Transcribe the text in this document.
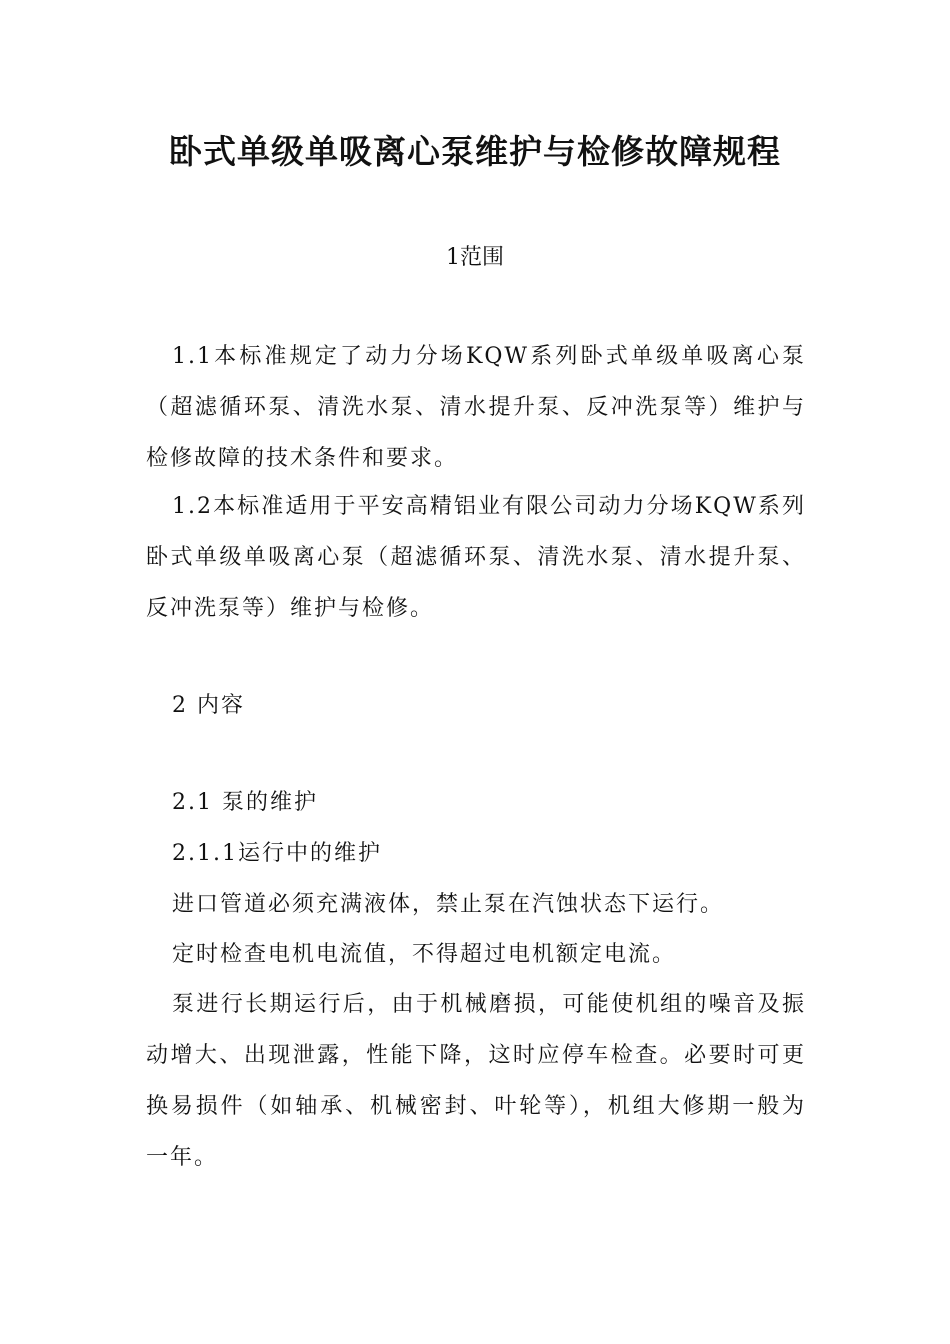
卧式单级单吸离心泵维护与检修故障规程

1范围

1.1本标准规定了动力分场KQW系列卧式单级单吸离心泵（超滤循环泵、清洗水泵、清水提升泵、反冲洗泵等）维护与检修故障的技术条件和要求。

1.2本标准适用于平安高精铝业有限公司动力分场KQW系列卧式单级单吸离心泵（超滤循环泵、清洗水泵、清水提升泵、反冲洗泵等）维护与检修。

2 内容

2.1 泵的维护

2.1.1运行中的维护

进口管道必须充满液体，禁止泵在汽蚀状态下运行。

定时检查电机电流值，不得超过电机额定电流。

泵进行长期运行后，由于机械磨损，可能使机组的噪音及振动增大、出现泄露，性能下降，这时应停车检查。必要时可更换易损件（如轴承、机械密封、叶轮等），机组大修期一般为一年。
